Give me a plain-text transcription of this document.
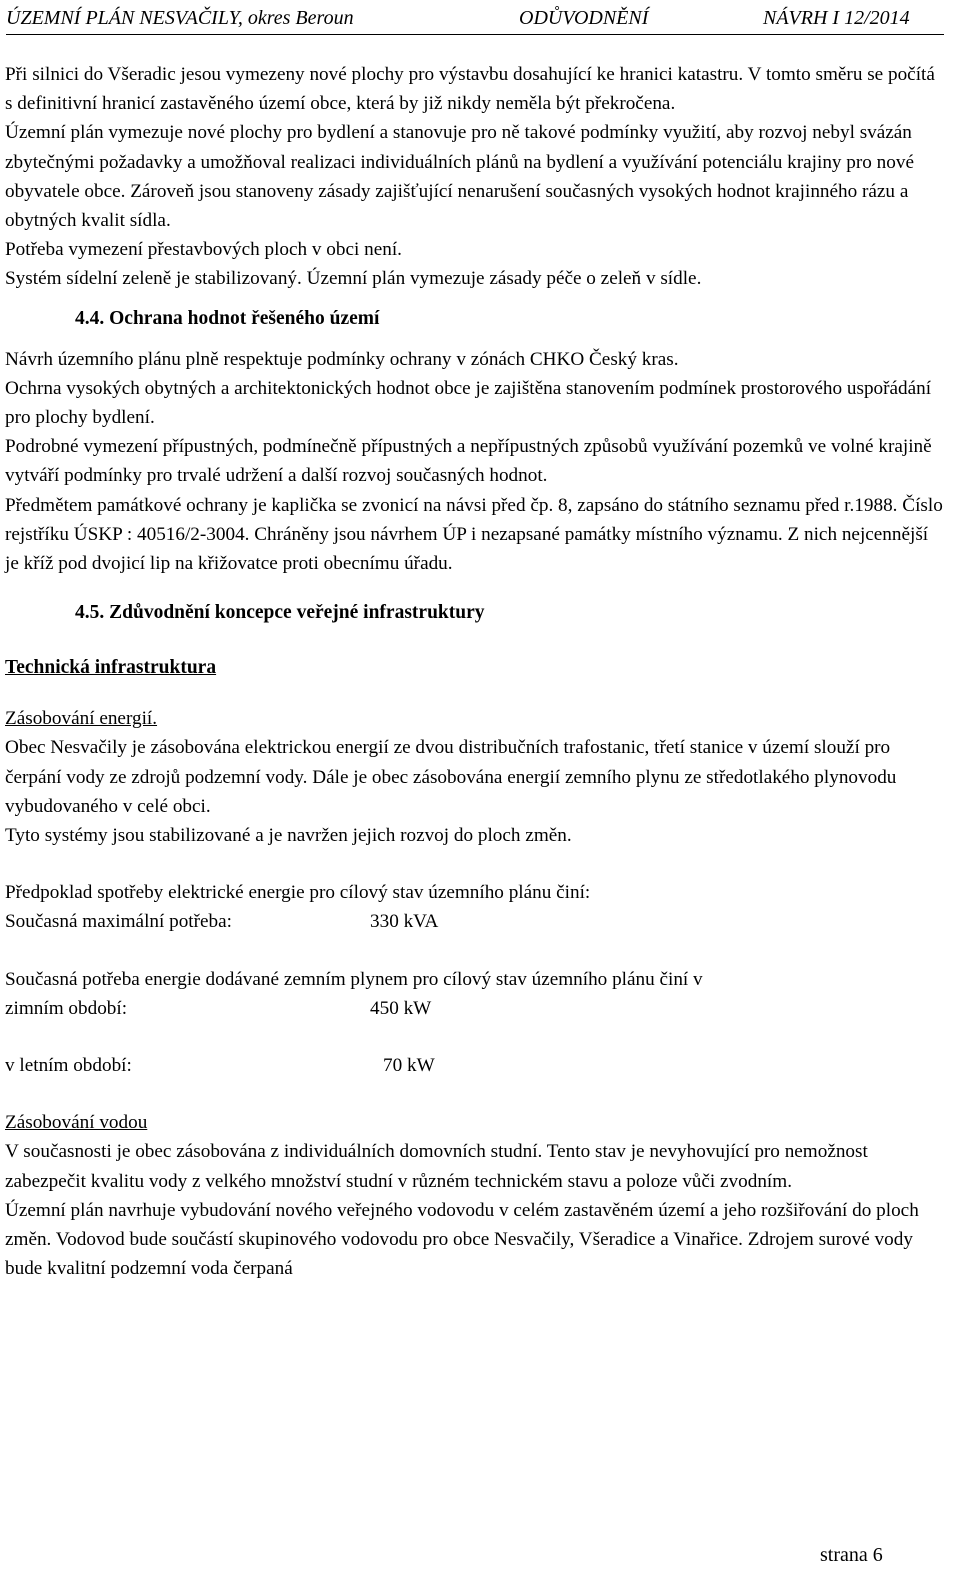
ÚZEMNÍ PLÁN NESVAČILY, okres Beroun	ODŮVODNĚNÍ	NÁVRH I 12/2014

Při silnici do Všeradic jesou vymezeny nové plochy pro výstavbu dosahující ke hranici katastru. V tomto směru se počítá s definitivní hranicí zastavěného území obce, která by již nikdy neměla být překročena.

Územní plán vymezuje nové plochy pro bydlení a stanovuje pro ně takové podmínky využití, aby rozvoj nebyl svázán zbytečnými požadavky a umožňoval realizaci individuálních plánů na bydlení a využívání potenciálu krajiny pro nové obyvatele obce. Zároveň jsou stanoveny zásady zajišťující nenarušení současných vysokých hodnot krajinného rázu a obytných kvalit sídla.

Potřeba vymezení přestavbových ploch v obci není.

Systém sídelní zeleně je stabilizovaný. Územní plán vymezuje zásady péče o zeleň v sídle.

4.4. Ochrana hodnot řešeného území

Návrh územního plánu plně respektuje podmínky ochrany v zónách CHKO Český kras.

Ochrna vysokých obytných a architektonických hodnot obce je zajištěna stanovením podmínek prostorového uspořádání pro plochy bydlení.

Podrobné vymezení přípustných, podmínečně přípustných a nepřípustných způsobů využívání pozemků ve volné krajině vytváří podmínky pro trvalé udržení a další rozvoj současných hodnot.

Předmětem památkové ochrany je kaplička se zvonicí na návsi před čp. 8, zapsáno do státního seznamu před r.1988. Číslo rejstříku ÚSKP : 40516/2-3004. Chráněny jsou návrhem ÚP i nezapsané památky místního významu. Z nich nejcennější je kříž pod dvojicí lip na křižovatce proti obecnímu úřadu.

4.5. Zdůvodnění koncepce veřejné infrastruktury
Technická infrastruktura

Zásobování energií.

Obec Nesvačily je zásobována elektrickou energií ze dvou distribučních trafostanic, třetí stanice v území slouží pro čerpání vody ze zdrojů podzemní vody. Dále je obec zásobována energií zemního plynu ze středotlakého plynovodu vybudovaného v celé obci.

Tyto systémy jsou stabilizované a je navržen jejich rozvoj do ploch změn.

Předpoklad spotřeby elektrické energie pro cílový stav územního plánu činí:

Současná maximální potřeba:	330 kVA

Současná potřeba energie dodávané zemním plynem pro cílový stav územního plánu činí v

zimním období:	450 kW
v letním období:	70 kW

Zásobování vodou

V současnosti je obec zásobována z individuálních domovních studní. Tento stav je nevyhovující pro nemožnost zabezpečit kvalitu vody z velkého množství studní v různém technickém stavu a poloze vůči zvodním.

Územní plán navrhuje vybudování nového veřejného vodovodu v celém zastavěném území a jeho rozšiřování do ploch změn. Vodovod bude součástí skupinového vodovodu pro obce Nesvačily, Všeradice a Vinařice. Zdrojem surové vody bude kvalitní podzemní voda čerpaná

strana 6
